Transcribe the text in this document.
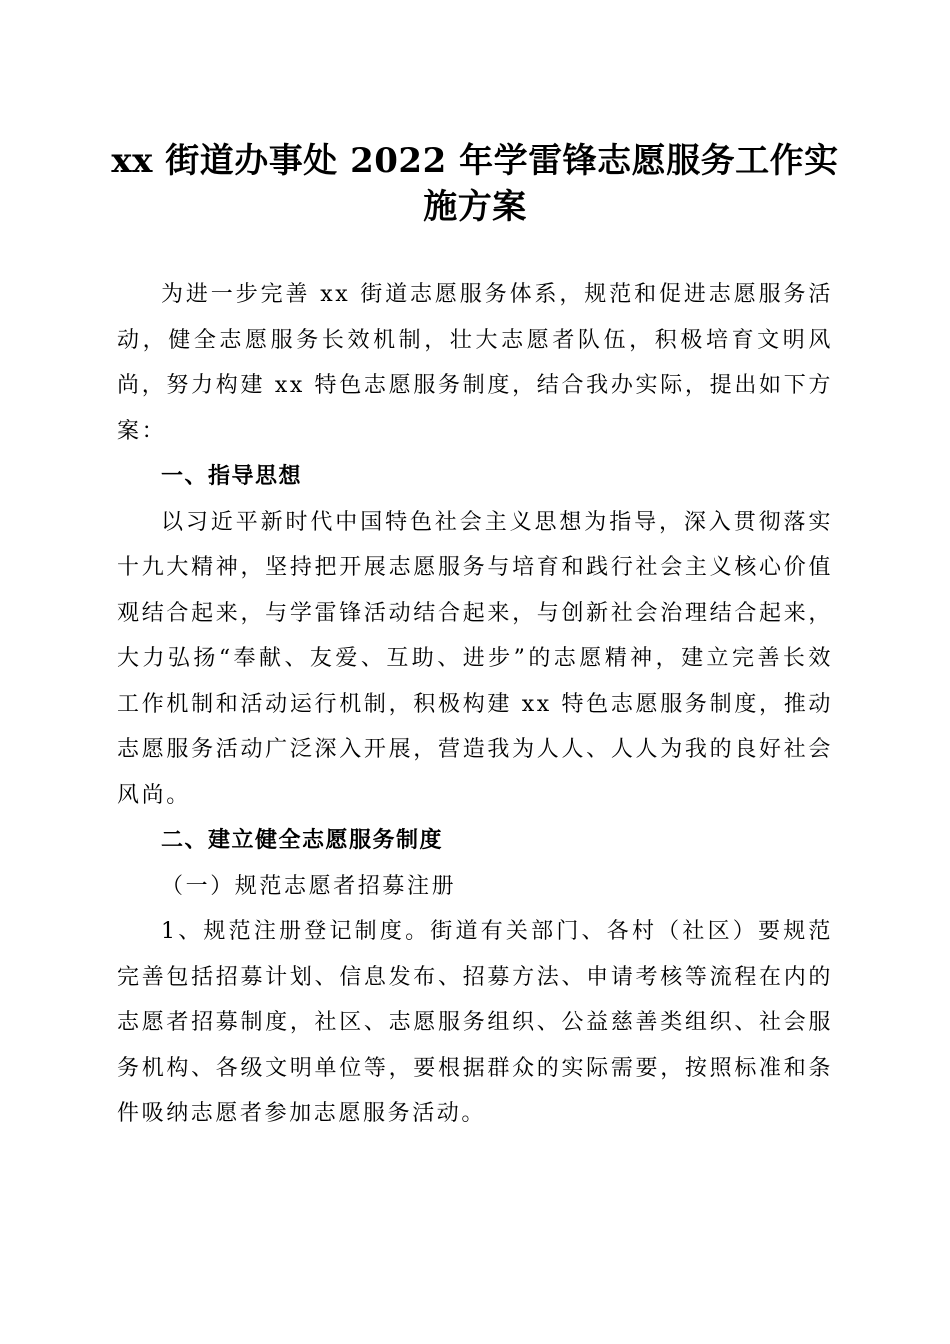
xx 街道办事处 2022 年学雷锋志愿服务工作实
施方案

为进一步完善 xx 街道志愿服务体系，规范和促进志愿服务活动，健全志愿服务长效机制，壮大志愿者队伍，积极培育文明风尚，努力构建 xx 特色志愿服务制度，结合我办实际，提出如下方案：

一、指导思想

以习近平新时代中国特色社会主义思想为指导，深入贯彻落实十九大精神，坚持把开展志愿服务与培育和践行社会主义核心价值观结合起来，与学雷锋活动结合起来，与创新社会治理结合起来，大力弘扬“奉献、友爱、互助、进步”的志愿精神，建立完善长效工作机制和活动运行机制，积极构建 xx 特色志愿服务制度，推动志愿服务活动广泛深入开展，营造我为人人、人人为我的良好社会风尚。

二、建立健全志愿服务制度

（一）规范志愿者招募注册

1、规范注册登记制度。街道有关部门、各村（社区）要规范完善包括招募计划、信息发布、招募方法、申请考核等流程在内的志愿者招募制度，社区、志愿服务组织、公益慈善类组织、社会服务机构、各级文明单位等，要根据群众的实际需要，按照标准和条件吸纳志愿者参加志愿服务活动。
